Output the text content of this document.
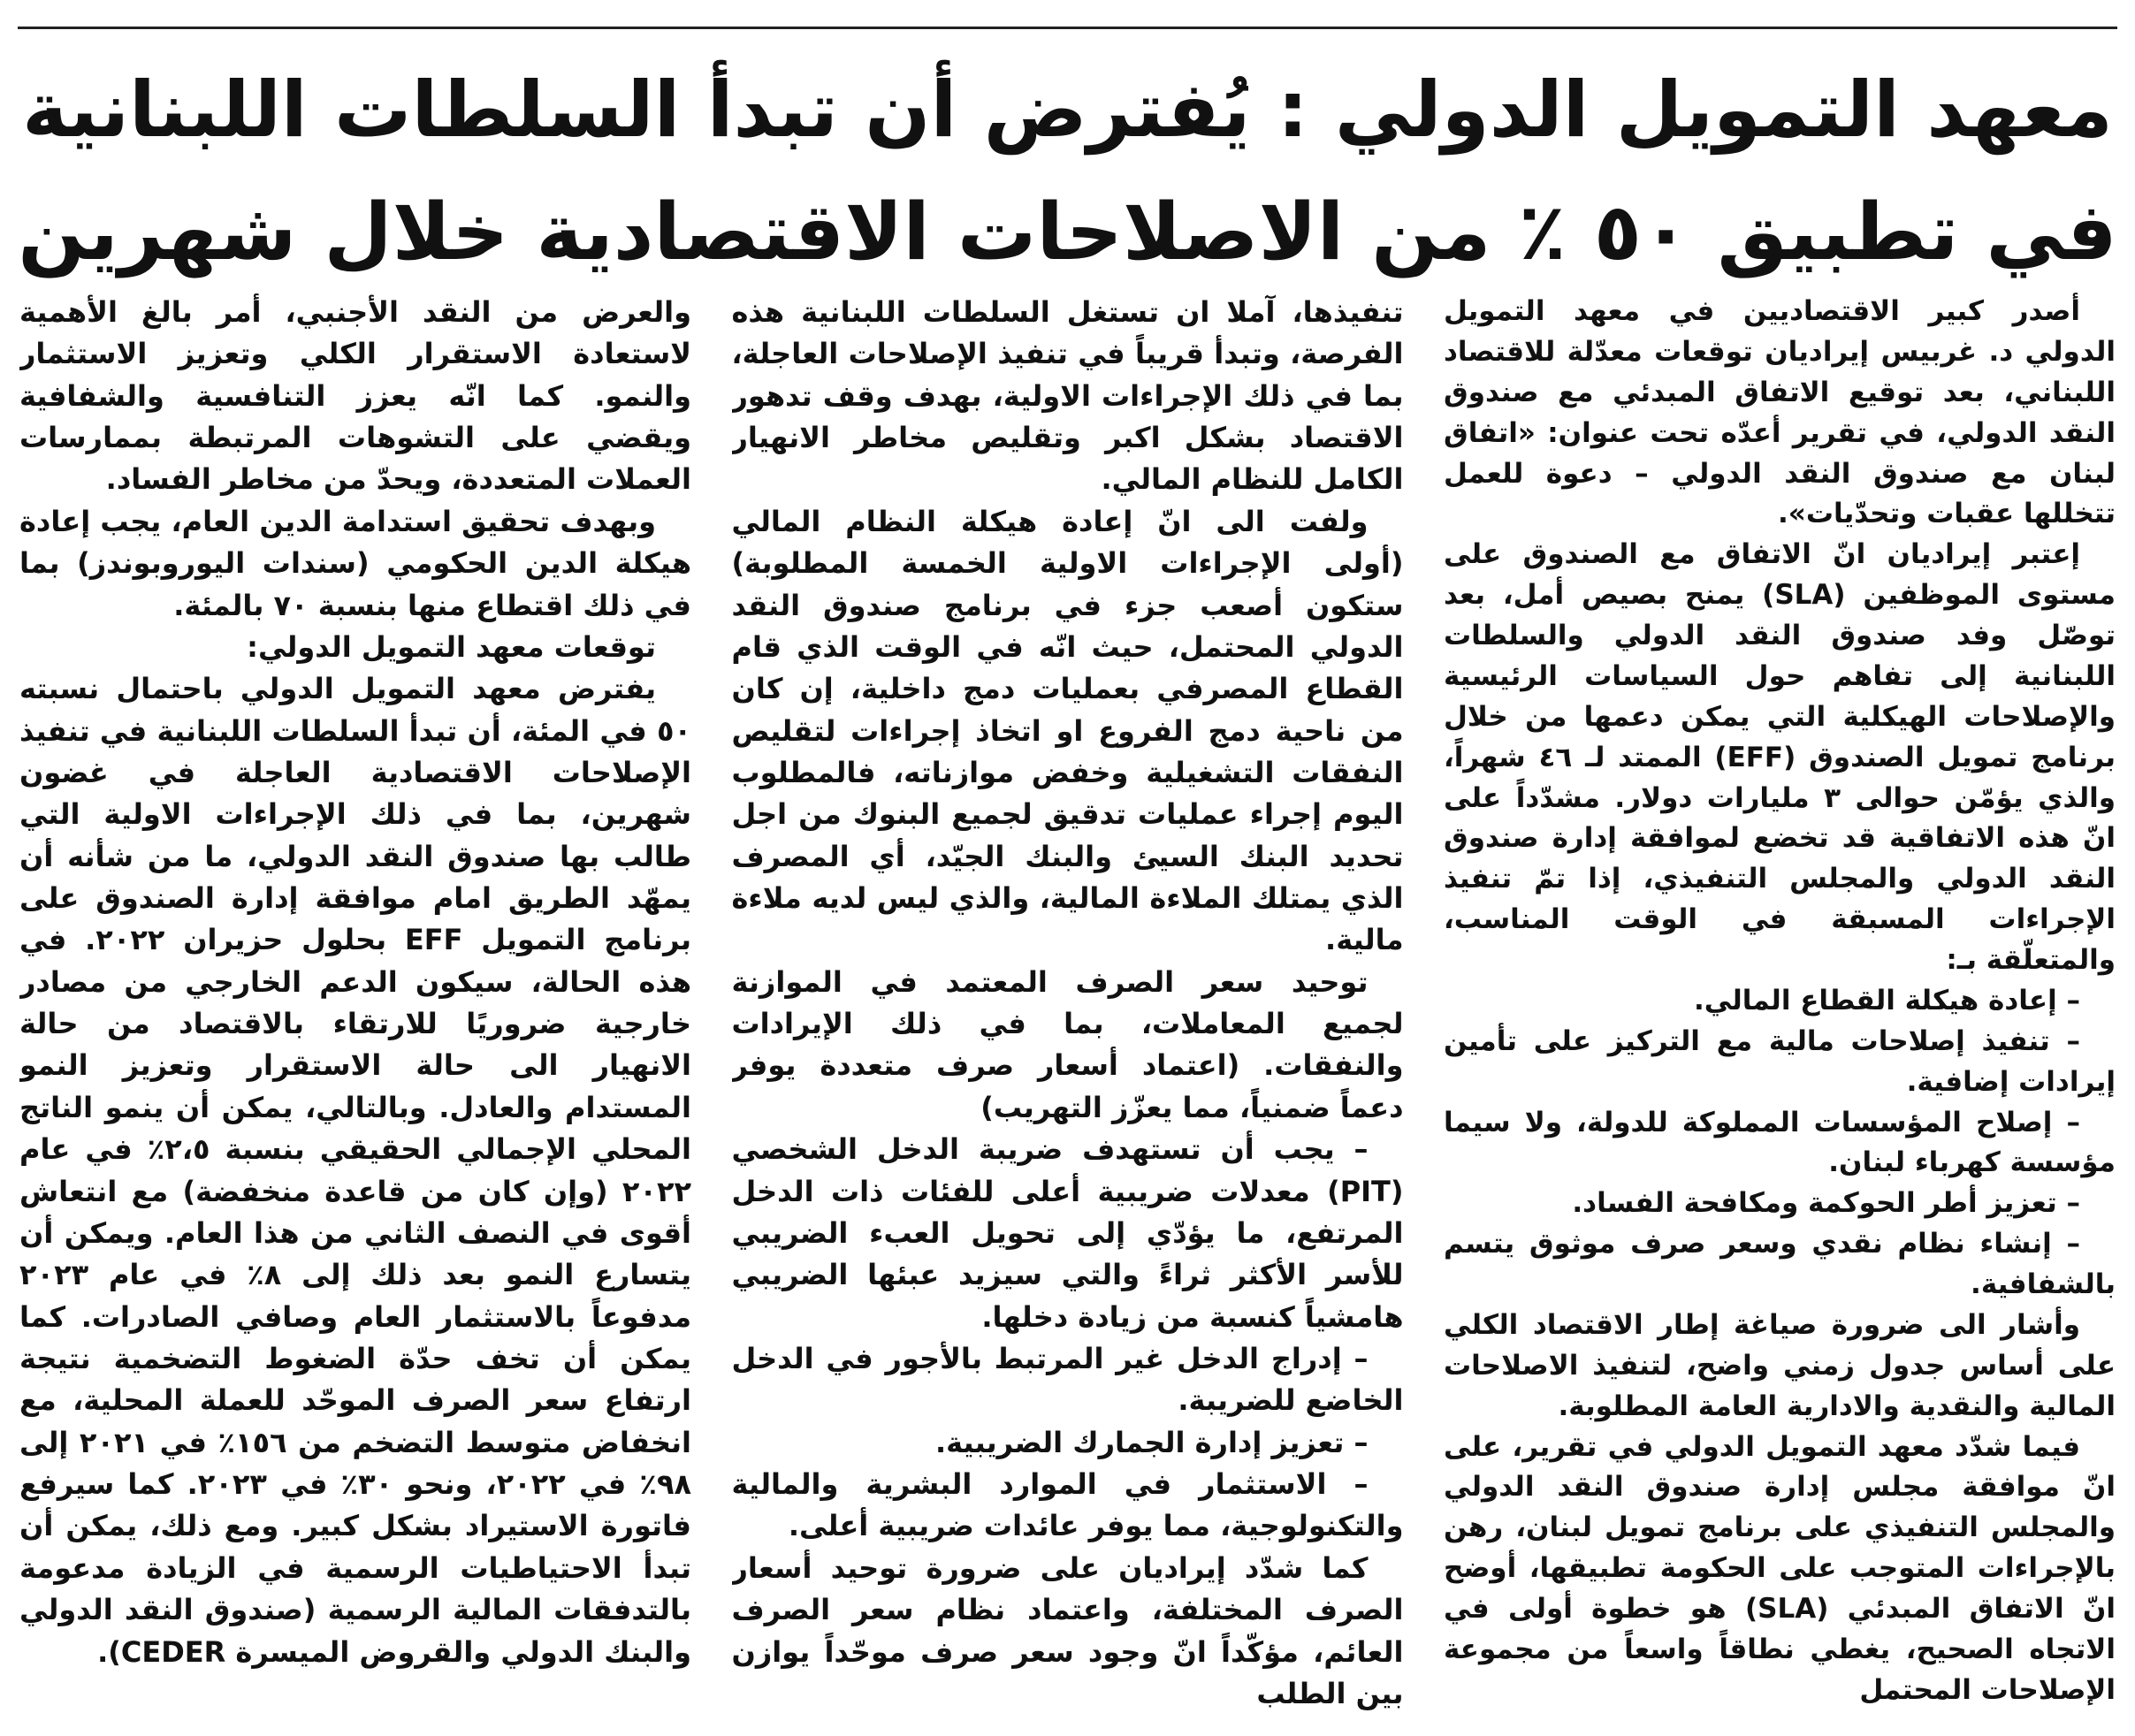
معهد التمويل الدولي : يُفترض أن تبدأ السلطات اللبنانية
في تطبيق ٥٠ ٪ من الاصلاحات الاقتصادية خلال شهرين

أصدر كبير الاقتصاديين في معهد التمويل الدولي د. غربيس إيراديان توقعات معدّلة للاقتصاد اللبناني، بعد توقيع الاتفاق المبدئي مع صندوق النقد الدولي، في تقرير أعدّه تحت عنوان: «اتفاق لبنان مع صندوق النقد الدولي – دعوة للعمل تتخللها عقبات وتحدّيات».

إعتبر إيراديان انّ الاتفاق مع الصندوق على مستوى الموظفين (SLA) يمنح بصيص أمل، بعد توصّل وفد صندوق النقد الدولي والسلطات اللبنانية إلى تفاهم حول السياسات الرئيسية والإصلاحات الهيكلية التي يمكن دعمها من خلال برنامج تمويل الصندوق (EFF) الممتد لـ ٤٦ شهراً، والذي يؤمّن حوالى ٣ مليارات دولار. مشدّداً على انّ هذه الاتفاقية قد تخضع لموافقة إدارة صندوق النقد الدولي والمجلس التنفيذي، إذا تمّ تنفيذ الإجراءات المسبقة في الوقت المناسب، والمتعلّقة بـ:

– إعادة هيكلة القطاع المالي.

– تنفيذ إصلاحات مالية مع التركيز على تأمين إيرادات إضافية.

– إصلاح المؤسسات المملوكة للدولة، ولا سيما مؤسسة كهرباء لبنان.

– تعزيز أطر الحوكمة ومكافحة الفساد.

– إنشاء نظام نقدي وسعر صرف موثوق يتسم بالشفافية.

وأشار الى ضرورة صياغة إطار الاقتصاد الكلي على أساس جدول زمني واضح، لتنفيذ الاصلاحات المالية والنقدية والادارية العامة المطلوبة.

فيما شدّد معهد التمويل الدولي في تقرير، على انّ موافقة مجلس إدارة صندوق النقد الدولي والمجلس التنفيذي على برنامج تمويل لبنان، رهن بالإجراءات المتوجب على الحكومة تطبيقها، أوضح انّ الاتفاق المبدئي (SLA) هو خطوة أولى في الاتجاه الصحيح، يغطي نطاقاً واسعاً من مجموعة الإصلاحات المحتمل

تنفيذها، آملا ان تستغل السلطات اللبنانية هذه الفرصة، وتبدأ قريباً في تنفيذ الإصلاحات العاجلة، بما في ذلك الإجراءات الاولية، بهدف وقف تدهور الاقتصاد بشكل اكبر وتقليص مخاطر الانهيار الكامل للنظام المالي.

ولفت الى انّ إعادة هيكلة النظام المالي (أولى الإجراءات الاولية الخمسة المطلوبة) ستكون أصعب جزء في برنامج صندوق النقد الدولي المحتمل، حيث انّه في الوقت الذي قام القطاع المصرفي بعمليات دمج داخلية، إن كان من ناحية دمج الفروع او اتخاذ إجراءات لتقليص النفقات التشغيلية وخفض موازناته، فالمطلوب اليوم إجراء عمليات تدقيق لجميع البنوك من اجل تحديد البنك السيئ والبنك الجيّد، أي المصرف الذي يمتلك الملاءة المالية، والذي ليس لديه ملاءة مالية.

توحيد سعر الصرف المعتمد في الموازنة لجميع المعاملات، بما في ذلك الإيرادات والنفقات. (اعتماد أسعار صرف متعددة يوفر دعماً ضمنياً، مما يعزّز التهريب)

– يجب أن تستهدف ضريبة الدخل الشخصي (PIT) معدلات ضريبية أعلى للفئات ذات الدخل المرتفع، ما يؤدّي إلى تحويل العبء الضريبي للأسر الأكثر ثراءً والتي سيزيد عبئها الضريبي هامشياً كنسبة من زيادة دخلها.

– إدراج الدخل غير المرتبط بالأجور في الدخل الخاضع للضريبة.

– تعزيز إدارة الجمارك الضريبية.

– الاستثمار في الموارد البشرية والمالية والتكنولوجية، مما يوفر عائدات ضريبية أعلى.

كما شدّد إيراديان على ضرورة توحيد أسعار الصرف المختلفة، واعتماد نظام سعر الصرف العائم، مؤكّداً انّ وجود سعر صرف موحّداً يوازن بين الطلب

والعرض من النقد الأجنبي، أمر بالغ الأهمية لاستعادة الاستقرار الكلي وتعزيز الاستثمار والنمو. كما انّه يعزز التنافسية والشفافية ويقضي على التشوهات المرتبطة بممارسات العملات المتعددة، ويحدّ من مخاطر الفساد.

وبهدف تحقيق استدامة الدين العام، يجب إعادة هيكلة الدين الحكومي (سندات اليوروبوندز) بما في ذلك اقتطاع منها بنسبة ٧٠ بالمئة.

توقعات معهد التمويل الدولي:

يفترض معهد التمويل الدولي باحتمال نسبته ٥٠ في المئة، أن تبدأ السلطات اللبنانية في تنفيذ الإصلاحات الاقتصادية العاجلة في غضون شهرين، بما في ذلك الإجراءات الاولية التي طالب بها صندوق النقد الدولي، ما من شأنه أن يمهّد الطريق امام موافقة إدارة الصندوق على برنامج التمويل EFF بحلول حزيران ٢٠٢٢. في هذه الحالة، سيكون الدعم الخارجي من مصادر خارجية ضروريًا للارتقاء بالاقتصاد من حالة الانهيار الى حالة الاستقرار وتعزيز النمو المستدام والعادل. وبالتالي، يمكن أن ينمو الناتج المحلي الإجمالي الحقيقي بنسبة ٢،٥٪ في عام ٢٠٢٢ (وإن كان من قاعدة منخفضة) مع انتعاش أقوى في النصف الثاني من هذا العام. ويمكن أن يتسارع النمو بعد ذلك إلى ٨٪ في عام ٢٠٢٣ مدفوعاً بالاستثمار العام وصافي الصادرات. كما يمكن أن تخف حدّة الضغوط التضخمية نتيجة ارتفاع سعر الصرف الموحّد للعملة المحلية، مع انخفاض متوسط التضخم من ١٥٦٪ في ٢٠٢١ إلى ٩٨٪ في ٢٠٢٢، ونحو ٣٠٪ في ٢٠٢٣. كما سيرفع فاتورة الاستيراد بشكل كبير. ومع ذلك، يمكن أن تبدأ الاحتياطيات الرسمية في الزيادة مدعومة بالتدفقات المالية الرسمية (صندوق النقد الدولي والبنك الدولي والقروض الميسرة CEDER).
